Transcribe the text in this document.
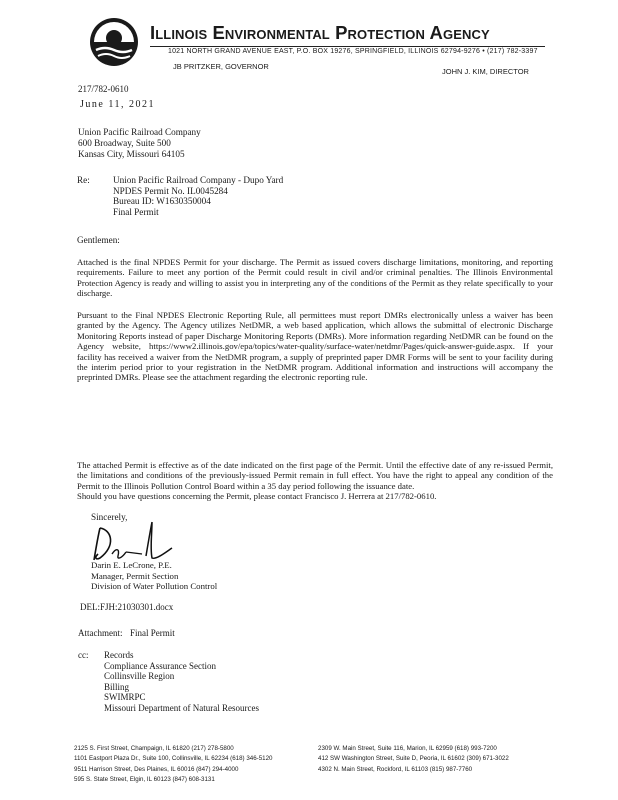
Illinois Environmental Protection Agency
1021 NORTH GRAND AVENUE EAST, P.O. BOX 19276, SPRINGFIELD, ILLINOIS 62794-9276 • (217) 782-3397
JB PRITZKER, GOVERNOR
JOHN J. KIM, DIRECTOR
217/782-0610
June 11, 2021
Union Pacific Railroad Company
600 Broadway, Suite 500
Kansas City, Missouri 64105
Re:	Union Pacific Railroad Company - Dupo Yard
NPDES Permit No. IL0045284
Bureau ID: W1630350004
Final Permit
Gentlemen:
Attached is the final NPDES Permit for your discharge. The Permit as issued covers discharge limitations, monitoring, and reporting requirements. Failure to meet any portion of the Permit could result in civil and/or criminal penalties. The Illinois Environmental Protection Agency is ready and willing to assist you in interpreting any of the conditions of the Permit as they relate specifically to your discharge.
Pursuant to the Final NPDES Electronic Reporting Rule, all permittees must report DMRs electronically unless a waiver has been granted by the Agency. The Agency utilizes NetDMR, a web based application, which allows the submittal of electronic Discharge Monitoring Reports instead of paper Discharge Monitoring Reports (DMRs). More information regarding NetDMR can be found on the Agency website, https://www2.illinois.gov/epa/topics/water-quality/surface-water/netdmr/Pages/quick-answer-guide.aspx. If your facility has received a waiver from the NetDMR program, a supply of preprinted paper DMR Forms will be sent to your facility during the interim period prior to your registration in the NetDMR program. Additional information and instructions will accompany the preprinted DMRs. Please see the attachment regarding the electronic reporting rule.
The attached Permit is effective as of the date indicated on the first page of the Permit. Until the effective date of any re-issued Permit, the limitations and conditions of the previously-issued Permit remain in full effect. You have the right to appeal any condition of the Permit to the Illinois Pollution Control Board within a 35 day period following the issuance date.
Should you have questions concerning the Permit, please contact Francisco J. Herrera at 217/782-0610.
Sincerely,
Darin E. LeCrone, P.E.
Manager, Permit Section
Division of Water Pollution Control
DEL:FJH:21030301.docx
Attachment: Final Permit
cc: Records
Compliance Assurance Section
Collinsville Region
Billing
SWIMRPC
Missouri Department of Natural Resources
2125 S. First Street, Champaign, IL 61820 (217) 278-5800
1101 Eastport Plaza Dr., Suite 100, Collinsville, IL 62234 (618) 346-5120
9511 Harrison Street, Des Plaines, IL 60016 (847) 294-4000
595 S. State Street, Elgin, IL 60123 (847) 608-3131
2309 W. Main Street, Suite 116, Marion, IL 62959 (618) 993-7200
412 SW Washington Street, Suite D, Peoria, IL 61602 (309) 671-3022
4302 N. Main Street, Rockford, IL 61103 (815) 987-7760
